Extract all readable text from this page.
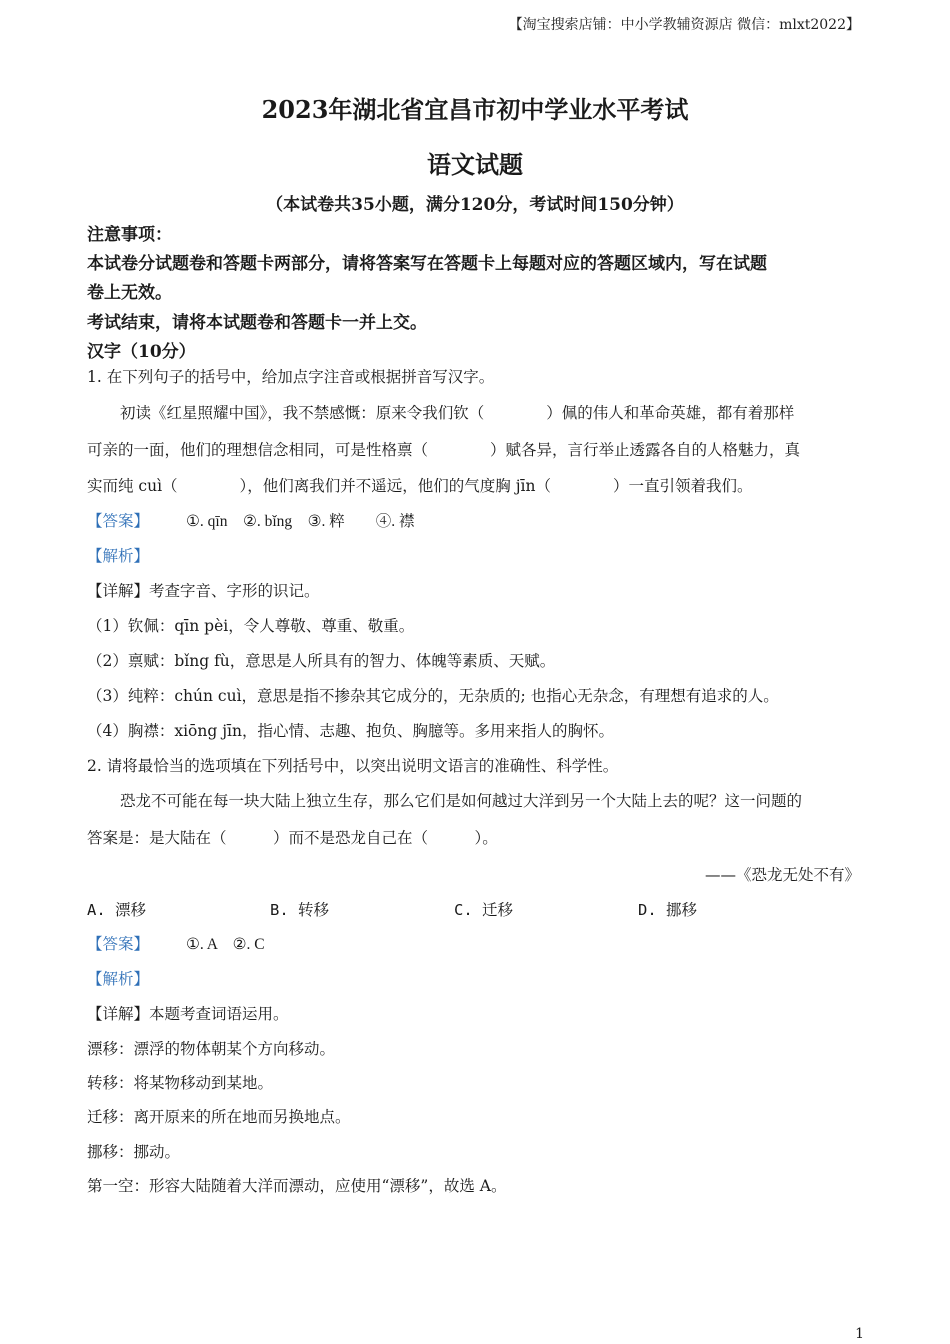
【淘宝搜索店铺：中小学教辅资源店 微信：mlxt2022】
2023年湖北省宜昌市初中学业水平考试
语文试题
（本试卷共35小题，满分120分，考试时间150分钟）
注意事项：
本试卷分试题卷和答题卡两部分，请将答案写在答题卡上每题对应的答题区域内，写在试题
卷上无效。
考试结束，请将本试题卷和答题卡一并上交。
汉字（10分）
1. 在下列句子的括号中，给加点字注音或根据拼音写汉字。
初读《红星照耀中国》，我不禁感慨：原来令我们钦（　　　　）佩的伟人和革命英雄，都有着那样
可亲的一面，他们的理想信念相同，可是性格禀（　　　　）赋各异，言行举止透露各自的人格魅力，真
实而纯 cuì（　　　　），他们离我们并不遥远，他们的气度胸 jīn（　　　　）一直引领着我们。
【答案】 ①. qīn　②. bǐng　③. 粹　　④. 襟
【解析】
【详解】考查字音、字形的识记。
（1）钦佩：qīn pèi，令人尊敬、尊重、敬重。
（2）禀赋：bǐng fù，意思是人所具有的智力、体魄等素质、天赋。
（3）纯粹：chún cuì，意思是指不掺杂其它成分的，无杂质的; 也指心无杂念，有理想有追求的人。
（4）胸襟：xiōng jīn，指心情、志趣、抱负、胸臆等。多用来指人的胸怀。
2. 请将最恰当的选项填在下列括号中，以突出说明文语言的准确性、科学性。
恐龙不可能在每一块大陆上独立生存，那么它们是如何越过大洋到另一个大陆上去的呢？这一问题的
答案是：是大陆在（　　　）而不是恐龙自己在（　　　）。
——《恐龙无处不有》
A. 漂移	B. 转移	C. 迁移	D. 挪移
【答案】 ①. A　②. C
【解析】
【详解】本题考查词语运用。
漂移：漂浮的物体朝某个方向移动。
转移：将某物移动到某地。
迁移：离开原来的所在地而另换地点。
挪移：挪动。
第一空：形容大陆随着大洋而漂动，应使用“漂移”，故选 A。
1
